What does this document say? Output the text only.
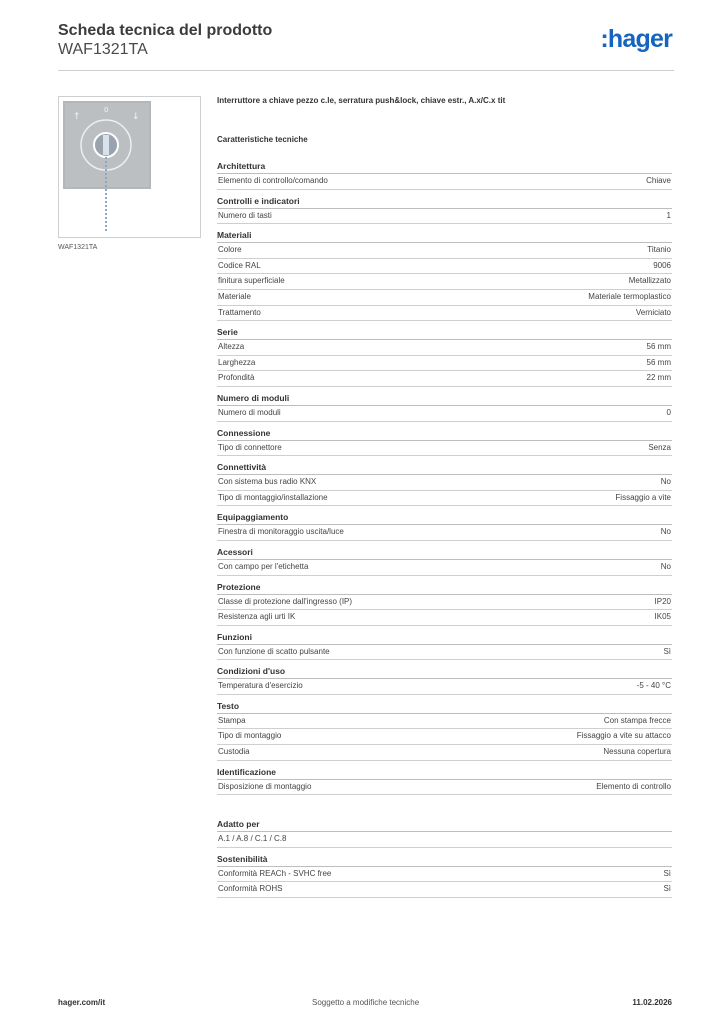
Scheda tecnica del prodotto
WAF1321TA	:hager
↑
0
↓
WAF1321TA
Interruttore a chiave pezzo c.le, serratura push&lock, chiave estr., A.x/C.x tit
Caratteristiche tecniche
Architettura
Elemento di controllo/comando	Chiave
Controlli e indicatori
Numero di tasti	1
Materiali
Colore	Titanio
Codice RAL	9006
finitura superficiale	Metallizzato
Materiale	Materiale termoplastico
Trattamento	Verniciato
Serie
Altezza	56 mm
Larghezza	56 mm
Profondità	22 mm
Numero di moduli
Numero di moduli	0
Connessione
Tipo di connettore	Senza
Connettività
Con sistema bus radio KNX	No
Tipo di montaggio/installazione	Fissaggio a vite
Equipaggiamento
Finestra di monitoraggio uscita/luce	No
Acessori
Con campo per l'etichetta	No
Protezione
Classe di protezione dall'ingresso (IP)	IP20
Resistenza agli urti IK	IK05
Funzioni
Con funzione di scatto pulsante	Sì
Condizioni d'uso
Temperatura d'esercizio	-5 - 40 °C
Testo
Stampa	Con stampa frecce
Tipo di montaggio	Fissaggio a vite su attacco
Custodia	Nessuna copertura
Identificazione
Disposizione di montaggio	Elemento di controllo
Adatto per
A.1 / A.8 / C.1 / C.8
Sostenibilità
Conformità REACh - SVHC free	Sì
Conformità ROHS	Sì
hager.com/it	Soggetto a modifiche tecniche	11.02.2026
